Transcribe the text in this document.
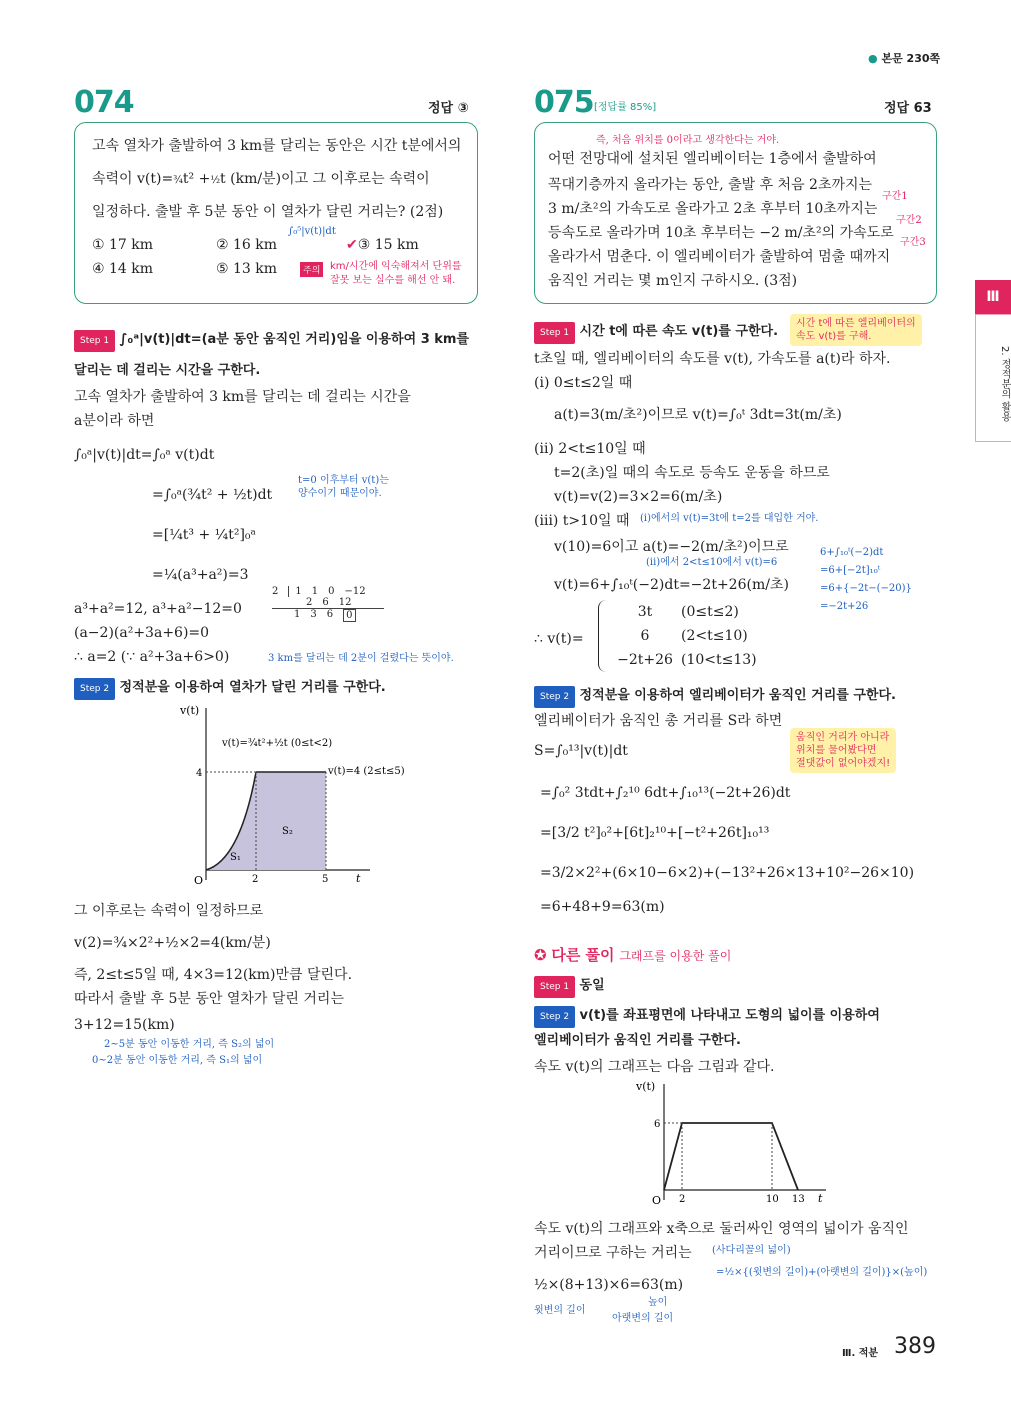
● 본문 230쪽
074	정답 ③
고속 열차가 출발하여 3 km를 달리는 동안은 시간 t분에서의
속력이 v(t)=¾t² +½t (km/분)이고 그 이후로는 속력이
일정하다. 출발 후 5분 동안 이 열차가 달린 거리는? (2점)
∫₀⁵|v(t)|dt
① 17 km	② 16 km	✔③ 15 km
④ 14 km	⑤ 13 km	주의 km/시간에 익숙해져서 단위를
잘못 보는 실수를 해선 안 돼.
Step 1 ∫₀ᵃ|v(t)|dt=(a분 동안 움직인 거리)임을 이용하여 3 km를
달리는 데 걸리는 시간을 구한다.
고속 열차가 출발하여 3 km를 달리는 데 걸리는 시간을
a분이라 하면
∫₀ᵃ|v(t)|dt=∫₀ᵃ v(t)dt
t=0 이후부터 v(t)는
양수이기 때문이야.
=∫₀ᵃ(¾t² + ½t)dt
=[¼t³ + ¼t²]₀ᵃ
=¼(a³+a²)=3
2	1 1 0 −12
2 6 12
1 3 6	0
a³+a²=12, a³+a²−12=0
(a−2)(a²+3a+6)=0
∴ a=2 (∵ a²+3a+6>0)	3 km를 달리는 데 2분이 걸렸다는 뜻이야.
Step 2 정적분을 이용하여 열차가 달린 거리를 구한다.
v(t)
t
O
4
2	5
v(t)=¾t²+½t (0≤t<2)
v(t)=4 (2≤t≤5)
S₁
S₂
그 이후로는 속력이 일정하므로
v(2)=¾×2²+½×2=4(km/분)
즉, 2≤t≤5일 때, 4×3=12(km)만큼 달린다.
따라서 출발 후 5분 동안 열차가 달린 거리는
3+12=15(km)
2~5분 동안 이동한 거리, 즉 S₂의 넓이
0~2분 동안 이동한 거리, 즉 S₁의 넓이
075 [정답률 85%]	정답 63
즉, 처음 위치를 0이라고 생각한다는 거야.
어떤 전망대에 설치된 엘리베이터는 1층에서 출발하여
꼭대기층까지 올라가는 동안, 출발 후 처음 2초까지는
3 m/초²의 가속도로 올라가고 2초 후부터 10초까지는
등속도로 올라가며 10초 후부터는 −2 m/초²의 가속도로
올라가서 멈춘다. 이 엘리베이터가 출발하여 멈출 때까지
움직인 거리는 몇 m인지 구하시오. (3점)
구간1
구간2
구간3
Step 1 시간 t에 따른 속도 v(t)를 구한다.
시간 t에 따른 엘리베이터의
속도 v(t)를 구해.
t초일 때, 엘리베이터의 속도를 v(t), 가속도를 a(t)라 하자.
(ⅰ) 0≤t≤2일 때
a(t)=3(m/초²)이므로 v(t)=∫₀ᵗ 3dt=3t(m/초)
(ⅱ) 2<t≤10일 때
t=2(초)일 때의 속도로 등속도 운동을 하므로
v(t)=v(2)=3×2=6(m/초)
(ⅲ) t>10일 때 (ⅰ)에서의 v(t)=3t에 t=2를 대입한 거야.
v(10)=6이고 a(t)=−2(m/초²)이므로
(ⅱ)에서 2<t≤10에서 v(t)=6
v(t)=6+∫₁₀ᵗ(−2)dt=−2t+26(m/초)
6+∫₁₀ᵗ(−2)dt
=6+[−2t]₁₀ᵗ
=6+{−2t−(−20)}
=−2t+26
∴ v(t)=
3t	(0≤t≤2)
6	(2<t≤10)
−2t+26 (10<t≤13)
Step 2 정적분을 이용하여 엘리베이터가 움직인 거리를 구한다.
엘리베이터가 움직인 총 거리를 S라 하면
S=∫₀¹³|v(t)|dt
움직인 거리가 아니라
위치를 물어봤다면
절댓값이 없어야겠지!
=∫₀² 3tdt+∫₂¹⁰ 6dt+∫₁₀¹³(−2t+26)dt
=[3/2 t²]₀²+[6t]₂¹⁰+[−t²+26t]₁₀¹³
=3/2×2²+(6×10−6×2)+(−13²+26×13+10²−26×10)
=6+48+9=63(m)
✪ 다른 풀이 그래프를 이용한 풀이
Step 1 동일
Step 2 v(t)를 좌표평면에 나타내고 도형의 넓이를 이용하여
엘리베이터가 움직인 거리를 구한다.
속도 v(t)의 그래프는 다음 그림과 같다.
v(t)
t
O
6
2	10 13
속도 v(t)의 그래프와 x축으로 둘러싸인 영역의 넓이가 움직인
거리이므로 구하는 거리는 (사다리꼴의 넓이)
=½×{(윗변의 길이)+(아랫변의 길이)}×(높이)
½×(8+13)×6=63(m)
윗변의 길이
아랫변의 길이
높이
Ⅲ
2. 정적분의 활용
Ⅲ. 적분 389
